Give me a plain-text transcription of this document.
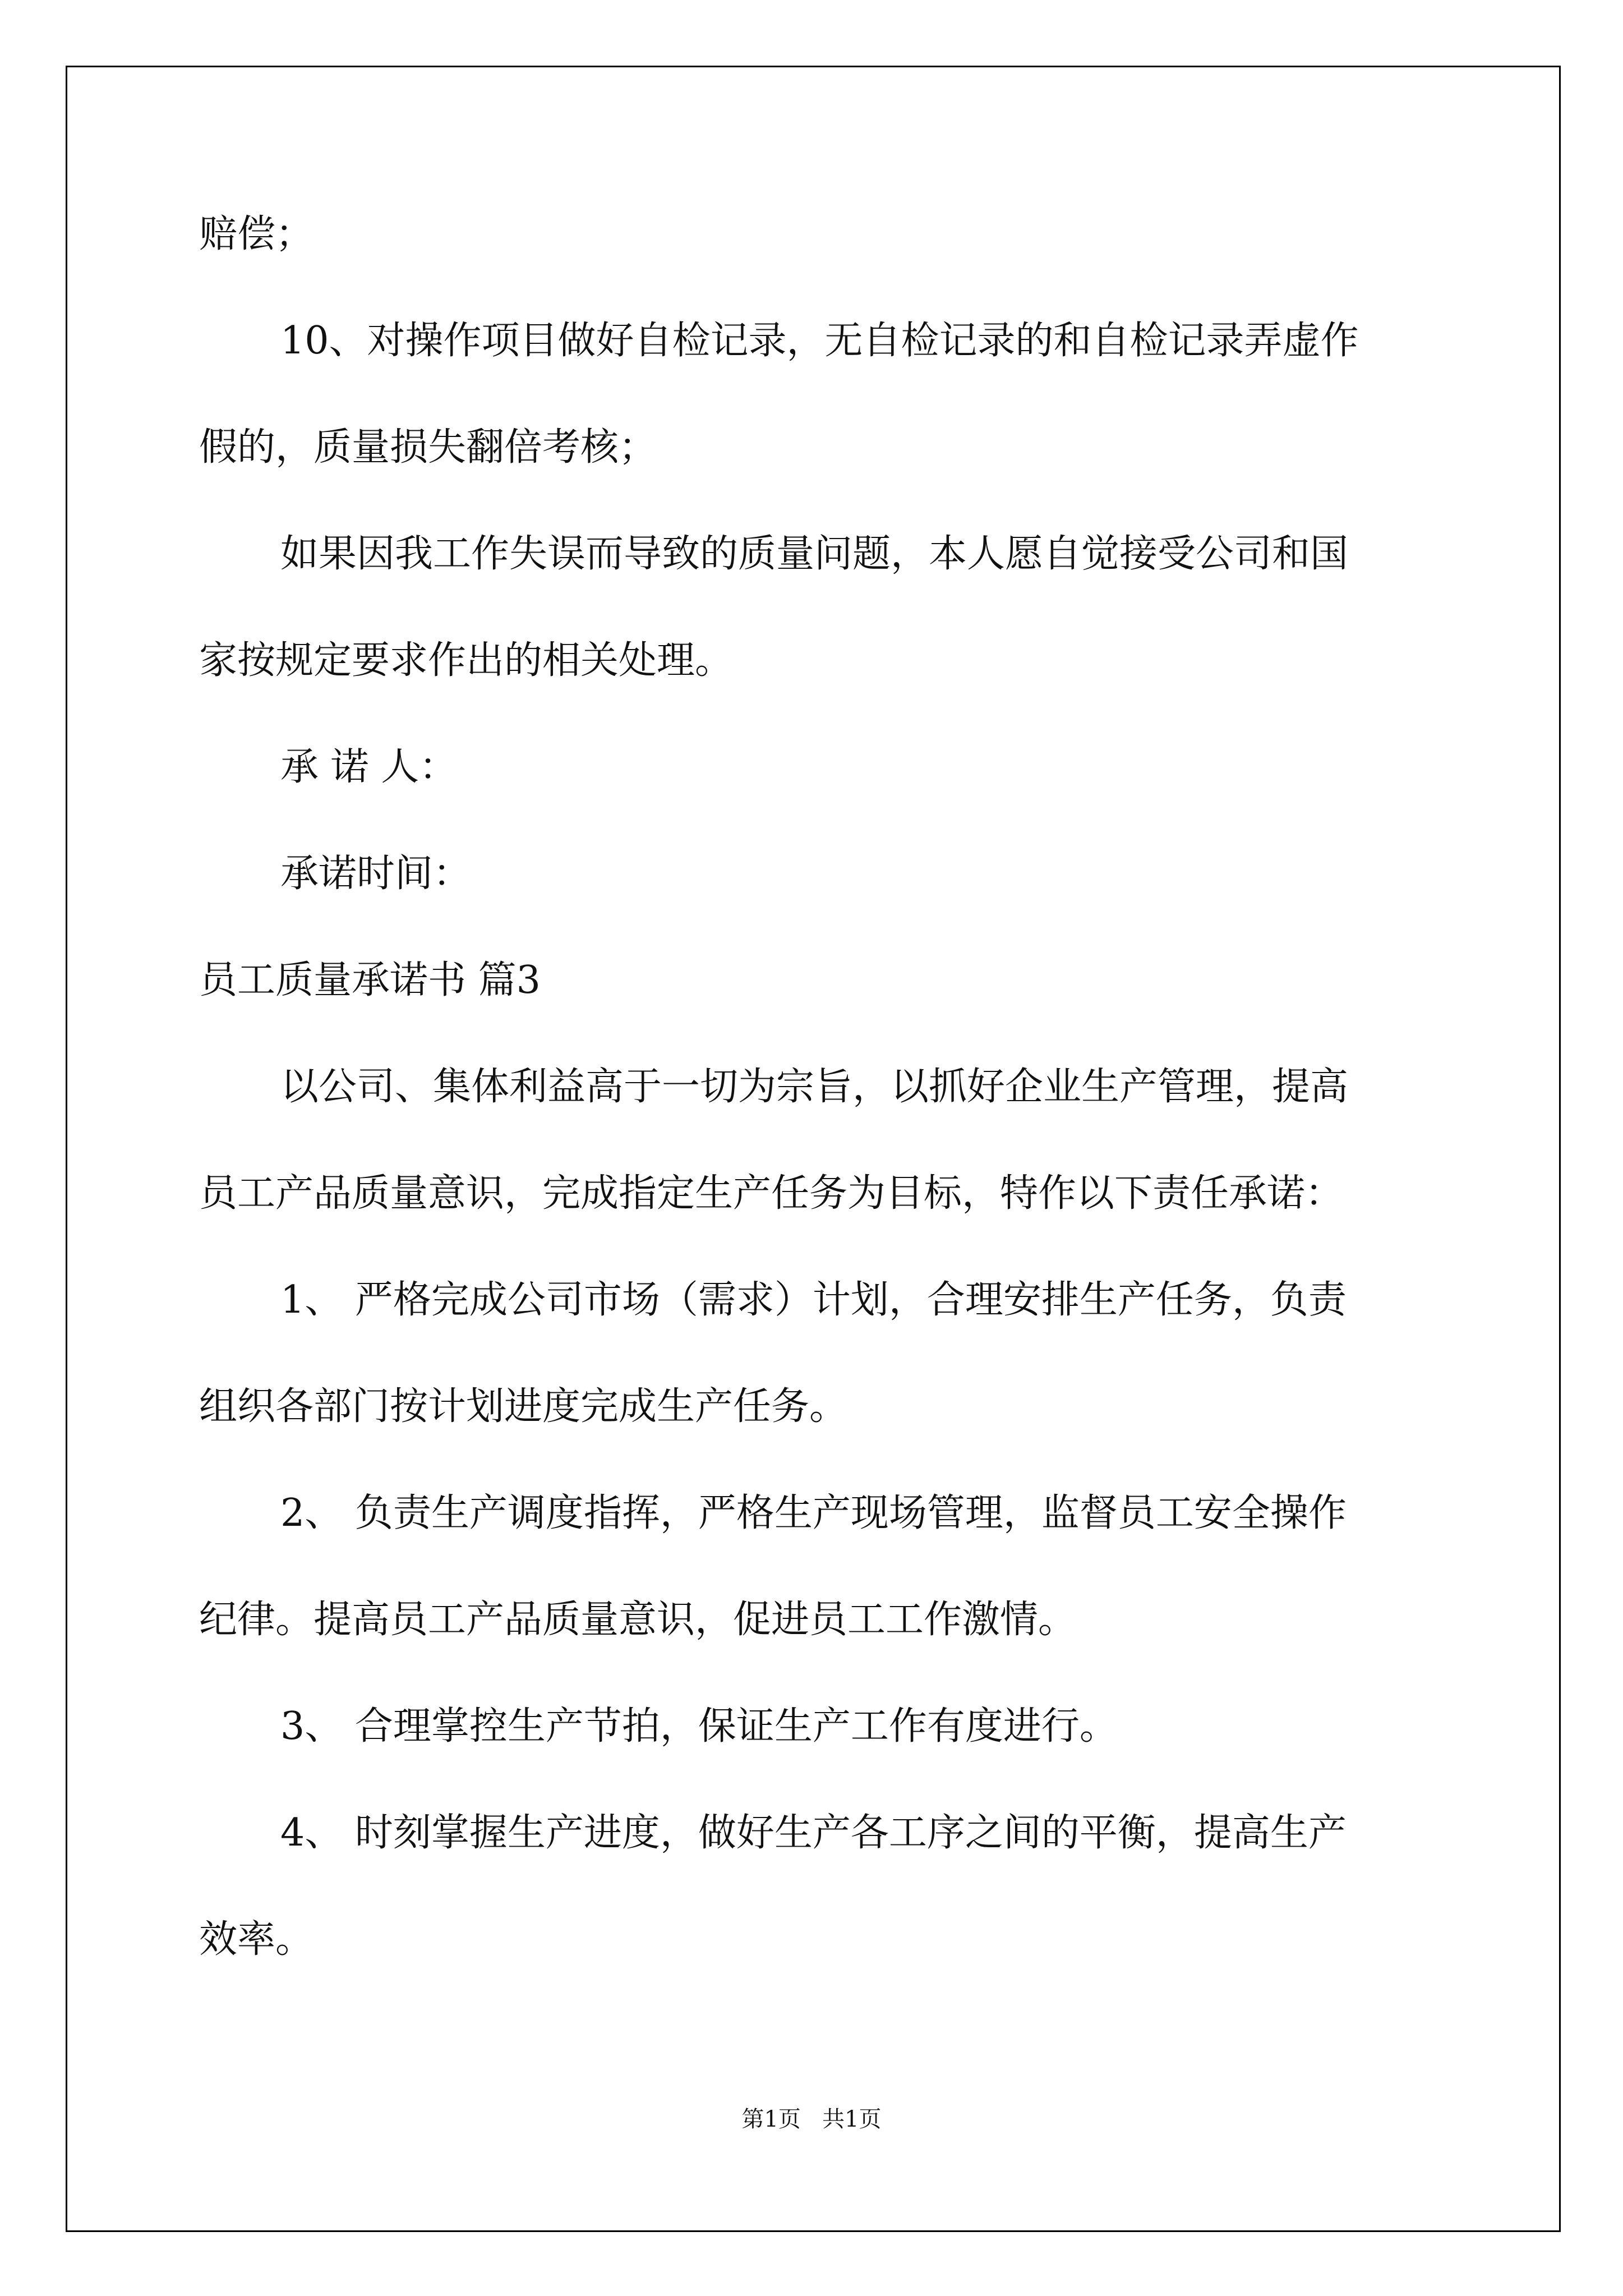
赔偿；

10、对操作项目做好自检记录，无自检记录的和自检记录弄虚作

假的，质量损失翻倍考核；

如果因我工作失误而导致的质量问题，本人愿自觉接受公司和国

家按规定要求作出的相关处理。

承 诺 人：

承诺时间：

员工质量承诺书 篇3

以公司、集体利益高于一切为宗旨，以抓好企业生产管理，提高

员工产品质量意识，完成指定生产任务为目标，特作以下责任承诺：

1、 严格完成公司市场（需求）计划，合理安排生产任务，负责

组织各部门按计划进度完成生产任务。

2、 负责生产调度指挥，严格生产现场管理，监督员工安全操作

纪律。提高员工产品质量意识，促进员工工作激情。

3、 合理掌控生产节拍，保证生产工作有度进行。

4、 时刻掌握生产进度，做好生产各工序之间的平衡，提高生产

效率。

第1页   共1页
